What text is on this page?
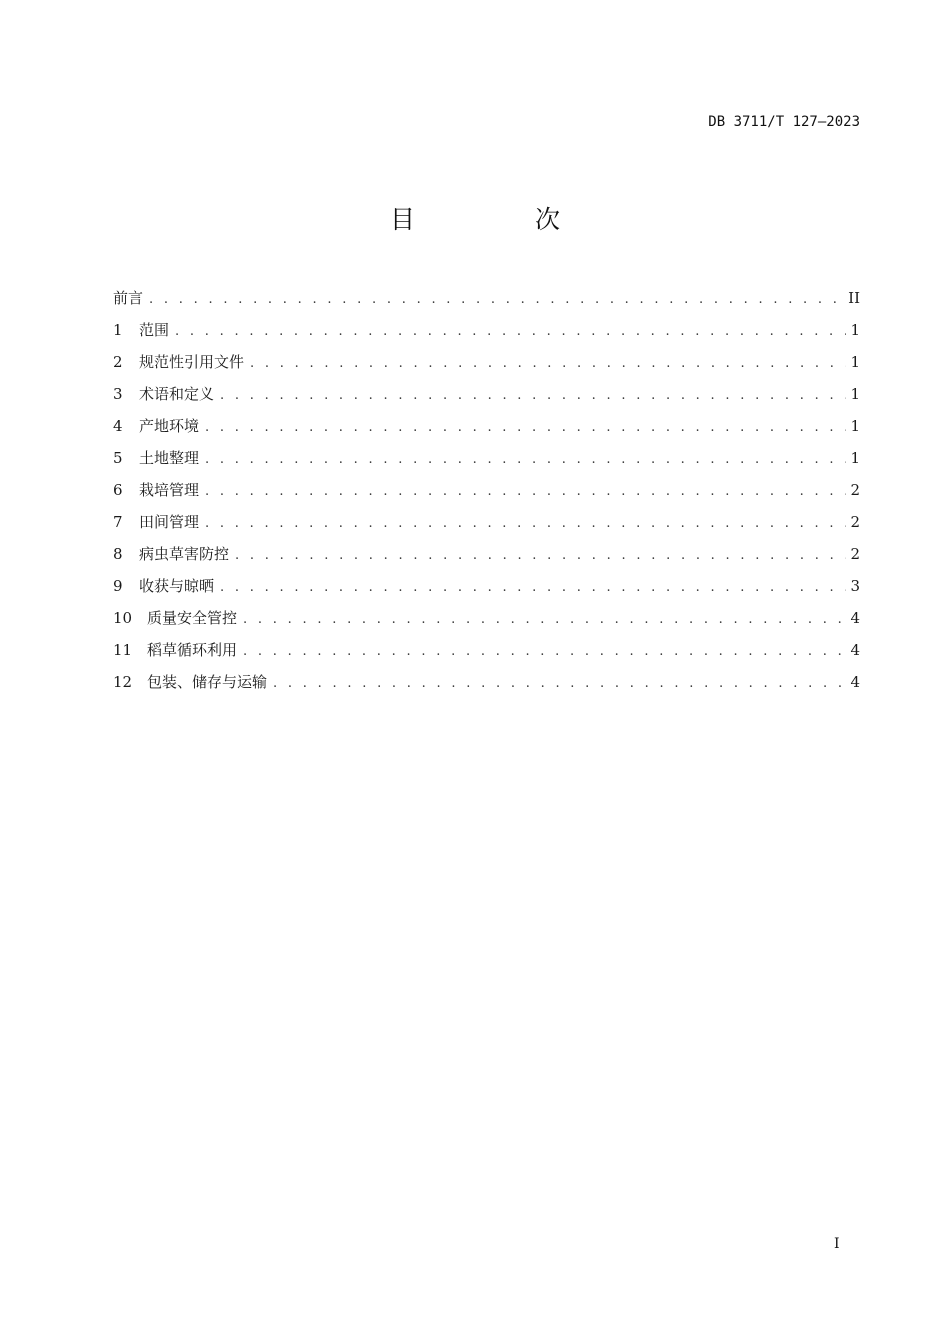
DB 3711/T 127—2023
目 次
前言 . . .	II
1	范围 . . .	1
2	规范性引用文件 . . .	1
3	术语和定义 . . .	1
4	产地环境 . . .	1
5	土地整理 . . .	1
6	栽培管理 . . .	2
7	田间管理 . . .	2
8	病虫草害防控 . . .	2
9	收获与晾晒 . . .	3
10 质量安全管控 . . .	4
11 稻草循环利用 . . .	4
12 包装、储存与运输 . . .	4
I
